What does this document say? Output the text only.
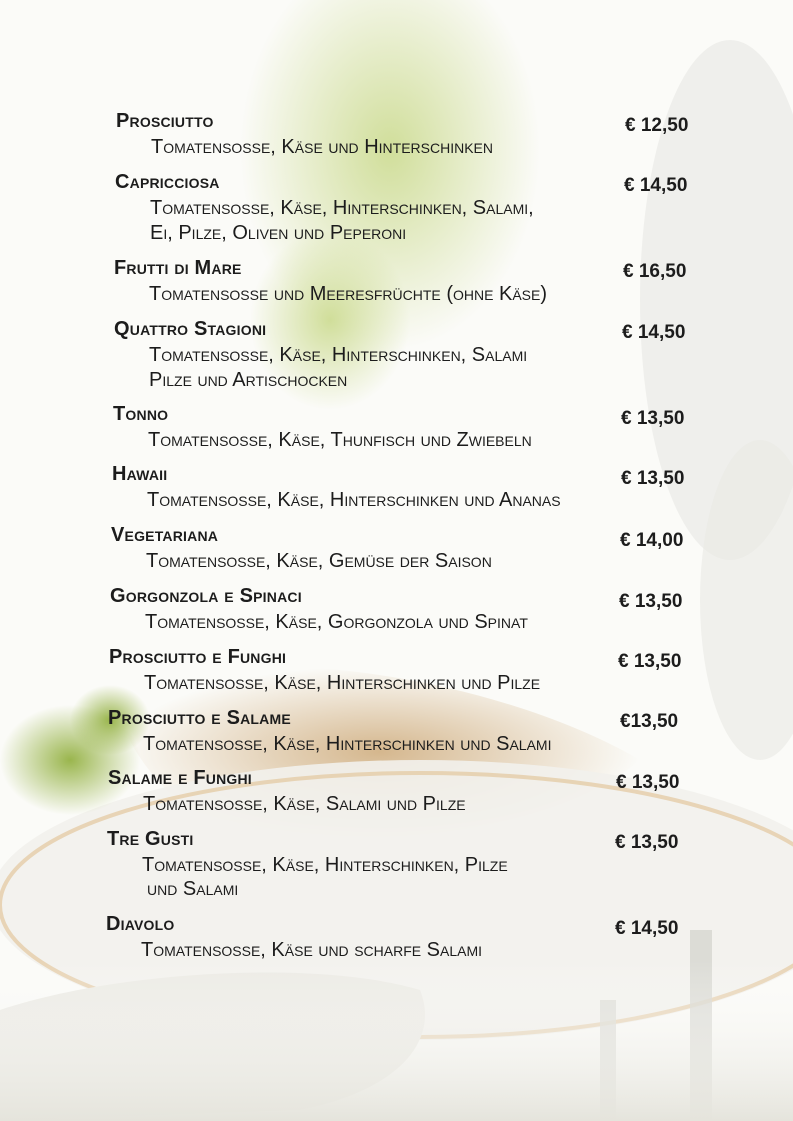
Prosciutto
Tomatensosse, Käse und Hinterschinken
€ 12,50
Capricciosa
Tomatensosse, Käse, Hinterschinken, Salami,
Ei, Pilze, Oliven und Peperoni
€ 14,50
Frutti di Mare
Tomatensosse und Meeresfrüchte (ohne Käse)
€ 16,50
Quattro Stagioni
Tomatensosse, Käse, Hinterschinken, Salami
Pilze und Artischocken
€ 14,50
Tonno
Tomatensosse, Käse, Thunfisch und Zwiebeln
€ 13,50
Hawaii
Tomatensosse, Käse, Hinterschinken und Ananas
€ 13,50
Vegetariana
Tomatensosse, Käse, Gemüse der Saison
€ 14,00
Gorgonzola e Spinaci
Tomatensosse, Käse, Gorgonzola und Spinat
€ 13,50
Prosciutto e Funghi
Tomatensosse, Käse, Hinterschinken und Pilze
€ 13,50
Prosciutto e Salame
Tomatensosse, Käse, Hinterschinken und Salami
€13,50
Salame e Funghi
Tomatensosse, Käse, Salami und Pilze
€ 13,50
Tre Gusti
Tomatensosse, Käse, Hinterschinken, Pilze
und Salami
€ 13,50
Diavolo
Tomatensosse, Käse und scharfe Salami
€ 14,50
